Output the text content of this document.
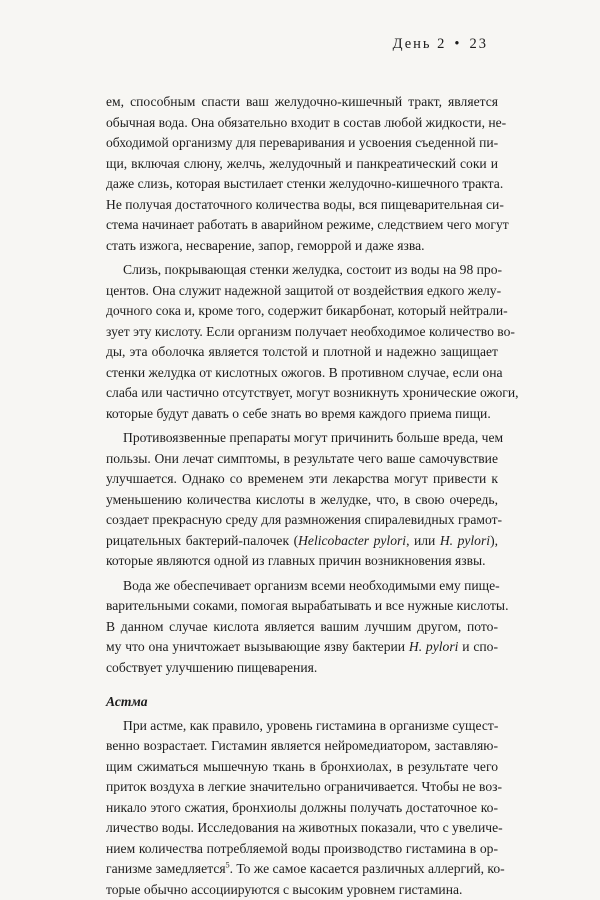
День 2 • 23

ем, способным спасти ваш желудочно-кишечный тракт, является
обычная вода. Она обязательно входит в состав любой жидкости, не-
обходимой организму для переваривания и усвоения съеденной пи-
щи, включая слюну, желчь, желудочный и панкреатический соки и
даже слизь, которая выстилает стенки желудочно-кишечного тракта.
Не получая достаточного количества воды, вся пищеварительная си-
стема начинает работать в аварийном режиме, следствием чего могут
стать изжога, несварение, запор, геморрой и даже язва.

Слизь, покрывающая стенки желудка, состоит из воды на 98 про-
центов. Она служит надежной защитой от воздействия едкого желу-
дочного сока и, кроме того, содержит бикарбонат, который нейтрали-
зует эту кислоту. Если организм получает необходимое количество во-
ды, эта оболочка является толстой и плотной и надежно защищает
стенки желудка от кислотных ожогов. В противном случае, если она
слаба или частично отсутствует, могут возникнуть хронические ожоги,
которые будут давать о себе знать во время каждого приема пищи.

Противоязвенные препараты могут причинить больше вреда, чем
пользы. Они лечат симптомы, в результате чего ваше самочувствие
улучшается. Однако со временем эти лекарства могут привести к
уменьшению количества кислоты в желудке, что, в свою очередь,
создает прекрасную среду для размножения спиралевидных грамот-
рицательных бактерий-палочек (Helicobacter pylori, или H. pylori),
которые являются одной из главных причин возникновения язвы.

Вода же обеспечивает организм всеми необходимыми ему пище-
варительными соками, помогая вырабатывать и все нужные кислоты.
В данном случае кислота является вашим лучшим другом, пото-
му что она уничтожает вызывающие язву бактерии H. pylori и спо-
собствует улучшению пищеварения.

Астма

При астме, как правило, уровень гистамина в организме сущест-
венно возрастает. Гистамин является нейромедиатором, заставляю-
щим сжиматься мышечную ткань в бронхиолах, в результате чего
приток воздуха в легкие значительно ограничивается. Чтобы не воз-
никало этого сжатия, бронхиолы должны получать достаточное ко-
личество воды. Исследования на животных показали, что с увеличе-
нием количества потребляемой воды производство гистамина в ор-
ганизме замедляется$^5$. То же самое касается различных аллергий, ко-
торые обычно ассоциируются с высоким уровнем гистамина.
